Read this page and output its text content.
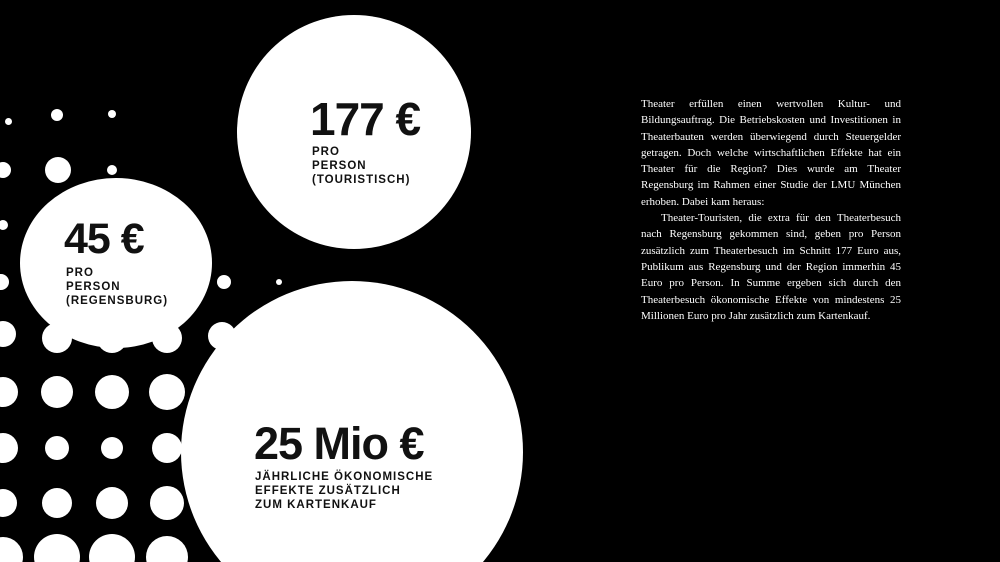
177 €
PRO
PERSON
(TOURISTISCH)
45 €
PRO
PERSON
(REGENSBURG)
25 Mio €
JÄHRLICHE ÖKONOMISCHE
EFFEKTE ZUSÄTZLICH
ZUM KARTENKAUF

Theater erfüllen einen wertvollen Kultur- und Bildungsauftrag. Die Betriebskosten und Investitionen in Theaterbauten werden überwiegend durch Steuergelder getragen. Doch welche wirtschaftlichen Effekte hat ein Theater für die Region? Dies wurde am Theater Regensburg im Rahmen einer Studie der LMU München erhoben. Dabei kam heraus:

Theater-Touristen, die extra für den Theaterbesuch nach Regensburg gekommen sind, geben pro Person zusätzlich zum Theaterbesuch im Schnitt 177 Euro aus, Publikum aus Regensburg und der Region immerhin 45 Euro pro Person. In Summe ergeben sich durch den Theaterbesuch ökonomische Effekte von mindestens 25 Millionen Euro pro Jahr zusätzlich zum Kartenkauf.
